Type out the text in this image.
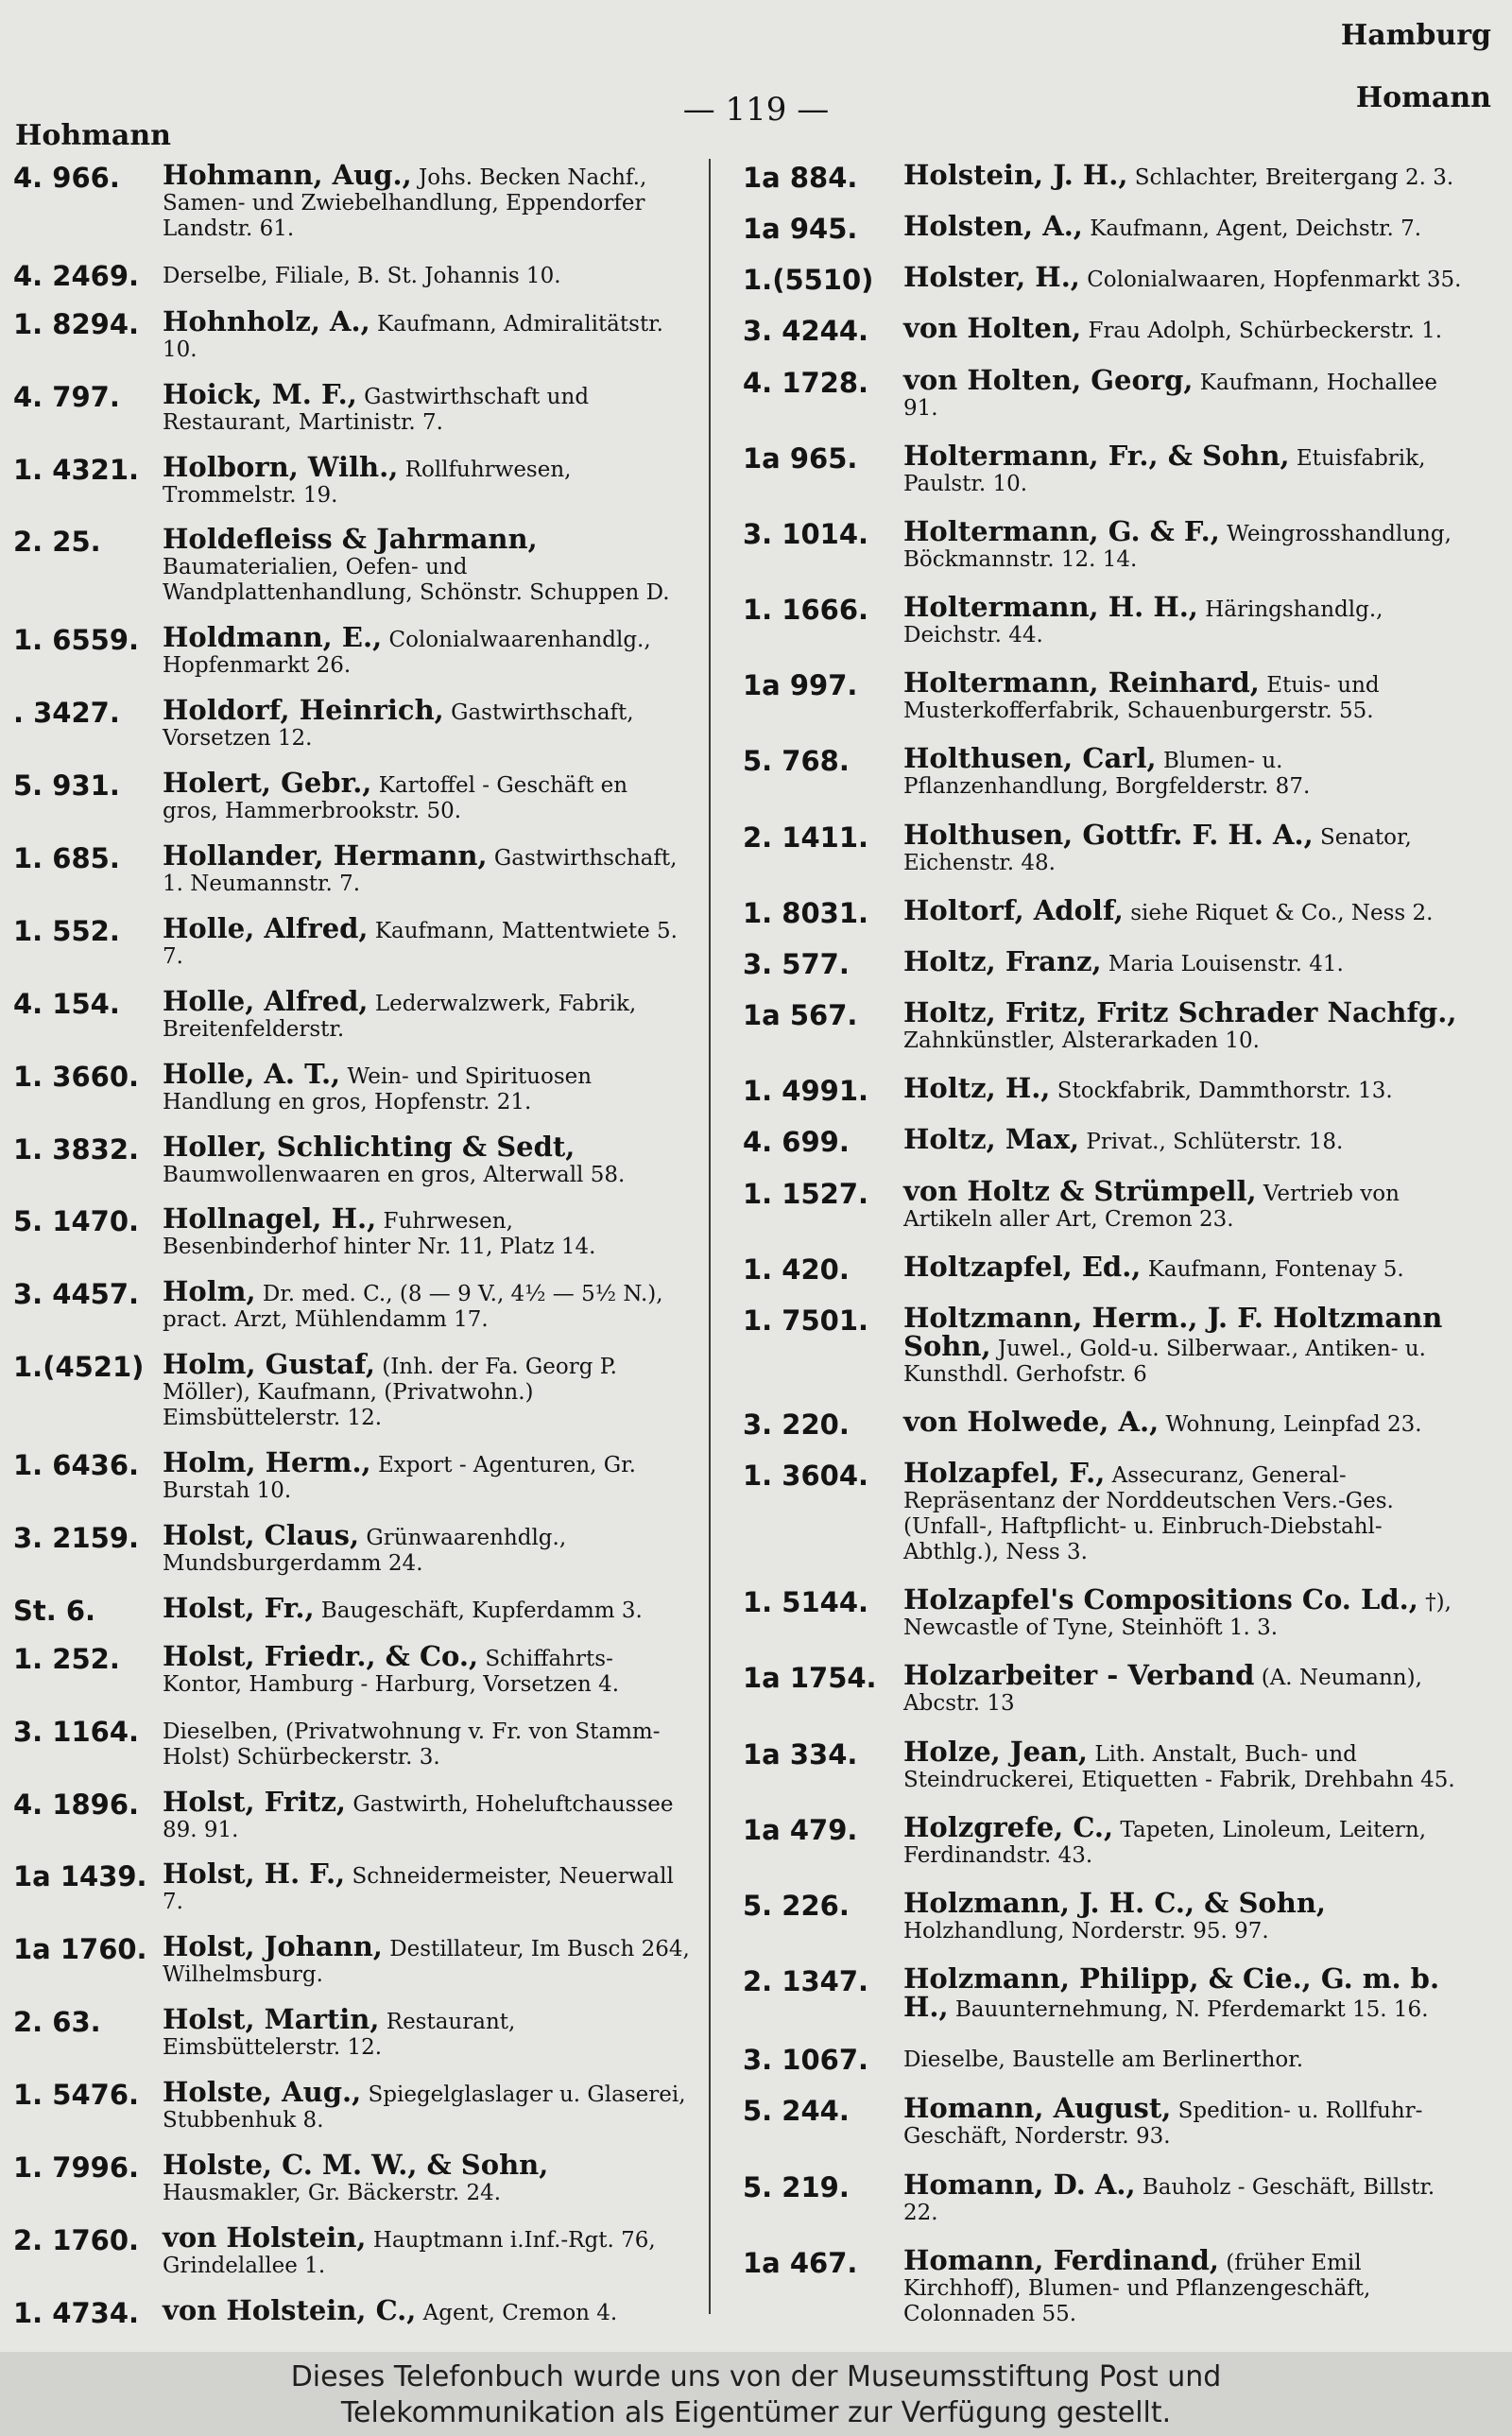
Hamburg
Homann
— 119 —
Hohmann
4. 966.	Hohmann, Aug., Johs. Becken Nachf., Samen- und Zwiebelhandlung, Eppendorfer Landstr. 61.
4. 2469.	Derselbe, Filiale, B. St. Johannis 10.
1. 8294. Hohnholz, A., Kaufmann, Admiralitätstr. 10.
4. 797.	Hoick, M. F., Gastwirthschaft und Restaurant, Martinistr. 7.
1. 4321. Holborn, Wilh., Rollfuhrwesen, Trommelstr. 19.
2. 25.	Holdefleiss & Jahrmann, Baumaterialien, Oefen- und Wandplattenhandlung, Schönstr. Schuppen D.
1. 6559. Holdmann, E., Colonialwaarenhandlg., Hopfenmarkt 26.
. 3427.	Holdorf, Heinrich, Gastwirthschaft, Vorsetzen 12.
5. 931.	Holert, Gebr., Kartoffel - Geschäft en gros, Hammerbrookstr. 50.
1. 685.	Hollander, Hermann, Gastwirthschaft, 1. Neumannstr. 7.
1. 552.	Holle, Alfred, Kaufmann, Mattentwiete 5. 7.
4. 154.	Holle, Alfred, Lederwalzwerk, Fabrik, Breitenfelderstr.
1. 3660. Holle, A. T., Wein- und Spirituosen Handlung en gros, Hopfenstr. 21.
1. 3832. Holler, Schlichting & Sedt, Baumwollenwaaren en gros, Alterwall 58.
5. 1470. Hollnagel, H., Fuhrwesen, Besenbinderhof hinter Nr. 11, Platz 14.
3. 4457. Holm, Dr. med. C., (8 — 9 V., 4½ — 5½ N.), pract. Arzt, Mühlendamm 17.
1.(4521) Holm, Gustaf, (Inh. der Fa. Georg P. Möller), Kaufmann, (Privatwohn.) Eimsbüttelerstr. 12.
1. 6436. Holm, Herm., Export - Agenturen, Gr. Burstah 10.
3. 2159. Holst, Claus, Grünwaarenhdlg., Mundsburgerdamm 24.
St. 6.	Holst, Fr., Baugeschäft, Kupferdamm 3.
1. 252.	Holst, Friedr., & Co., Schiffahrts-Kontor, Hamburg - Harburg, Vorsetzen 4.
3. 1164.	Dieselben, (Privatwohnung v. Fr. von Stamm-Holst) Schürbeckerstr. 3.
4. 1896. Holst, Fritz, Gastwirth, Hoheluftchaussee 89. 91.
1a 1439. Holst, H. F., Schneidermeister, Neuerwall 7.
1a 1760. Holst, Johann, Destillateur, Im Busch 264, Wilhelmsburg.
2. 63.	Holst, Martin, Restaurant, Eimsbüttelerstr. 12.
1. 5476. Holste, Aug., Spiegelglaslager u. Glaserei, Stubbenhuk 8.
1. 7996. Holste, C. M. W., & Sohn, Hausmakler, Gr. Bäckerstr. 24.
2. 1760. von Holstein, Hauptmann i.Inf.-Rgt. 76, Grindelallee 1.
1. 4734. von Holstein, C., Agent, Cremon 4.
1a 884.	Holstein, J. H., Schlachter, Breitergang 2. 3.
1a 945.	Holsten, A., Kaufmann, Agent, Deichstr. 7.
1.(5510)	Holster, H., Colonialwaaren, Hopfenmarkt 35.
3. 4244.	von Holten, Frau Adolph, Schürbeckerstr. 1.
4. 1728.	von Holten, Georg, Kaufmann, Hochallee 91.
1a 965.	Holtermann, Fr., & Sohn, Etuisfabrik, Paulstr. 10.
3. 1014.	Holtermann, G. & F., Weingrosshandlung, Böckmannstr. 12. 14.
1. 1666.	Holtermann, H. H., Häringshandlg., Deichstr. 44.
1a 997.	Holtermann, Reinhard, Etuis- und Musterkofferfabrik, Schauenburgerstr. 55.
5. 768.	Holthusen, Carl, Blumen- u. Pflanzenhandlung, Borgfelderstr. 87.
2. 1411.	Holthusen, Gottfr. F. H. A., Senator, Eichenstr. 48.
1. 8031.	Holtorf, Adolf, siehe Riquet & Co., Ness 2.
3. 577.	Holtz, Franz, Maria Louisenstr. 41.
1a 567.	Holtz, Fritz, Fritz Schrader Nachfg., Zahnkünstler, Alsterarkaden 10.
1. 4991.	Holtz, H., Stockfabrik, Dammthorstr. 13.
4. 699.	Holtz, Max, Privat., Schlüterstr. 18.
1. 1527.	von Holtz & Strümpell, Vertrieb von Artikeln aller Art, Cremon 23.
1. 420.	Holtzapfel, Ed., Kaufmann, Fontenay 5.
1. 7501.	Holtzmann, Herm., J. F. Holtzmann Sohn, Juwel., Gold-u. Silberwaar., Antiken- u. Kunsthdl. Gerhofstr. 6
3. 220.	von Holwede, A., Wohnung, Leinpfad 23.
1. 3604.	Holzapfel, F., Assecuranz, General-Repräsentanz der Norddeutschen Vers.-Ges. (Unfall-, Haftpflicht- u. Einbruch-Diebstahl-Abthlg.), Ness 3.
1. 5144.	Holzapfel's Compositions Co. Ld., †), Newcastle of Tyne, Steinhöft 1. 3.
1a 1754. Holzarbeiter - Verband (A. Neumann), Abcstr. 13
1a 334.	Holze, Jean, Lith. Anstalt, Buch- und Steindruckerei, Etiquetten - Fabrik, Drehbahn 45.
1a 479.	Holzgrefe, C., Tapeten, Linoleum, Leitern, Ferdinandstr. 43.
5. 226.	Holzmann, J. H. C., & Sohn, Holzhandlung, Norderstr. 95. 97.
2. 1347.	Holzmann, Philipp, & Cie., G. m. b. H., Bauunternehmung, N. Pferdemarkt 15. 16.
3. 1067.	Dieselbe, Baustelle am Berlinerthor.
5. 244.	Homann, August, Spedition- u. Rollfuhr-Geschäft, Norderstr. 93.
5. 219.	Homann, D. A., Bauholz - Geschäft, Billstr. 22.
1a 467.	Homann, Ferdinand, (früher Emil Kirchhoff), Blumen- und Pflanzengeschäft, Colonnaden 55.
Dieses Telefonbuch wurde uns von der Museumsstiftung Post und
Telekommunikation als Eigentümer zur Verfügung gestellt.
